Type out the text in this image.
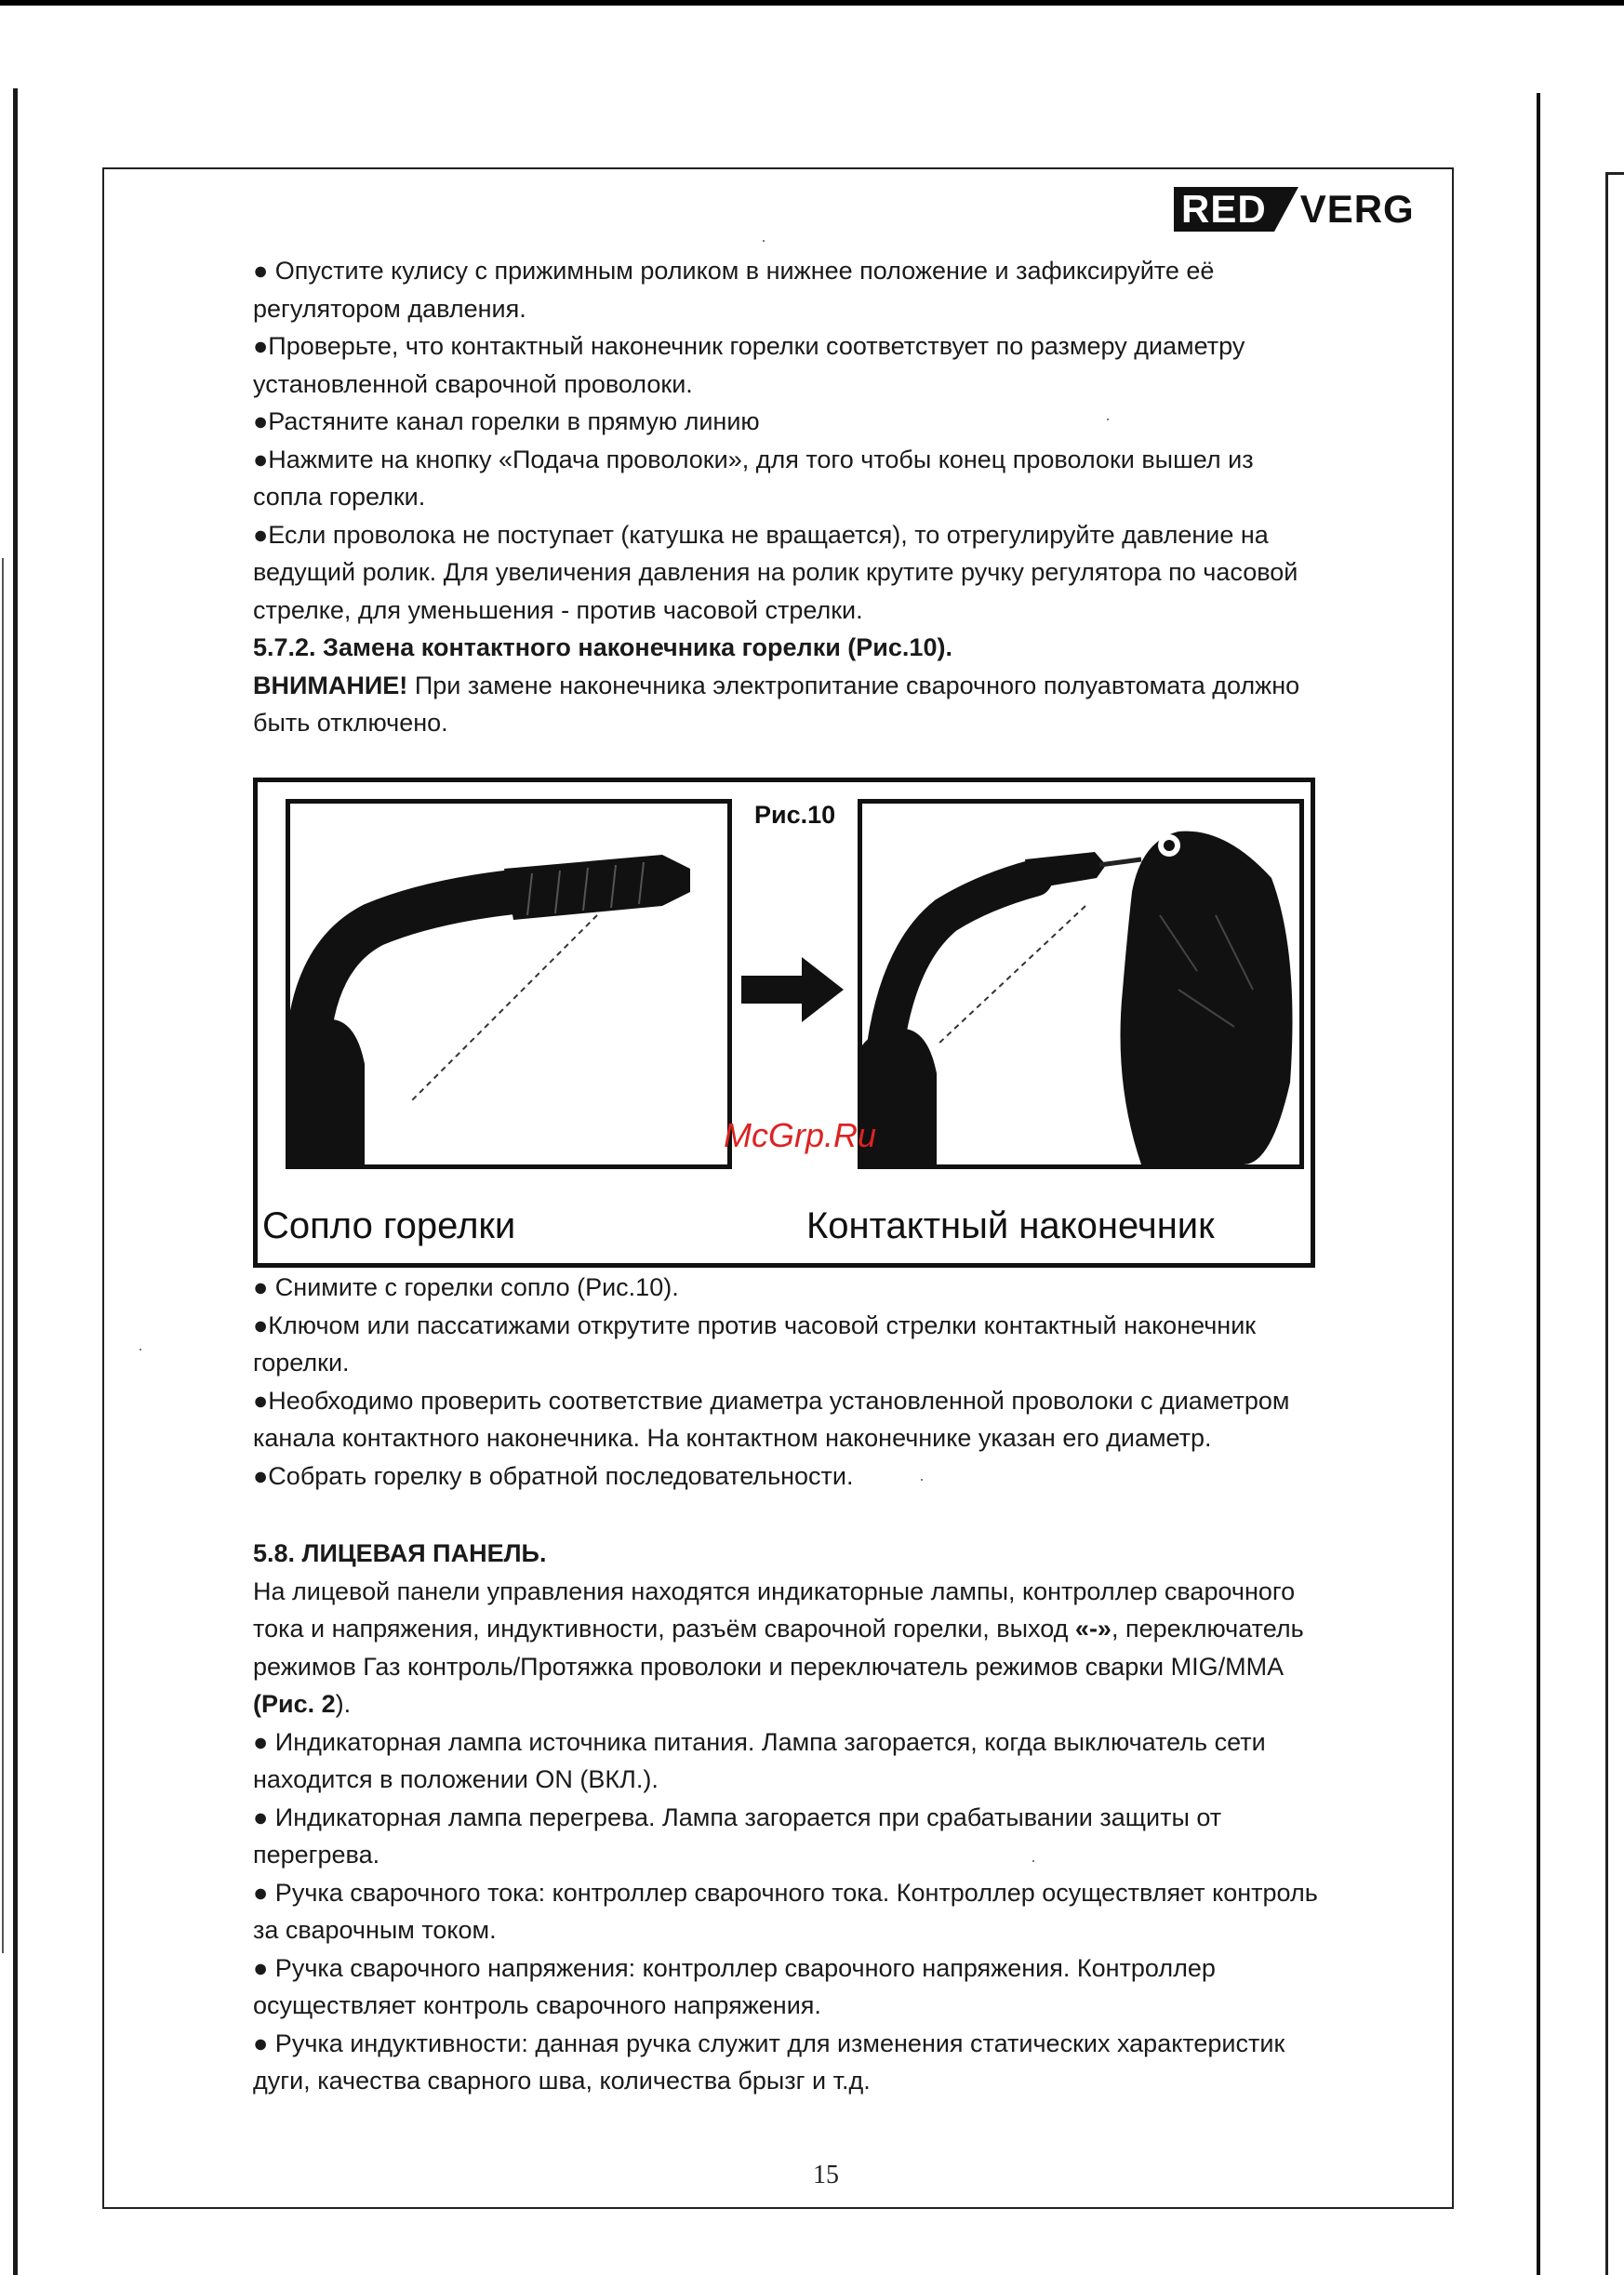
RED VERG

● Опустите кулису с прижимным роликом в нижнее положение и зафиксируйте её

регулятором давления.

●Проверьте, что контактный наконечник горелки соответствует по размеру диаметру

установленной сварочной проволоки.

●Растяните канал горелки в прямую линию

●Нажмите на кнопку «Подача проволоки», для того чтобы конец проволоки вышел из

сопла горелки.

●Если проволока не поступает (катушка не вращается), то отрегулируйте давление на

ведущий ролик. Для увеличения давления на ролик крутите ручку регулятора по часовой

стрелке, для уменьшения - против часовой стрелки.

5.7.2. Замена контактного наконечника горелки (Рис.10).

ВНИМАНИЕ! При замене наконечника электропитание сварочного полуавтомата должно

быть отключено.

Рис.10
Сопло горелки	Контактный наконечник
McGrp.Ru

● Снимите с горелки сопло (Рис.10).

●Ключом или пассатижами открутите против часовой стрелки контактный наконечник

горелки.

●Необходимо проверить соответствие диаметра установленной проволоки с диаметром

канала контактного наконечника. На контактном наконечнике указан его диаметр.

●Собрать горелку в обратной последовательности.

5.8. ЛИЦЕВАЯ ПАНЕЛЬ.

На лицевой панели управления находятся индикаторные лампы, контроллер сварочного

тока и напряжения, индуктивности, разъём сварочной горелки, выход «-», переключатель

режимов Газ контроль/Протяжка проволоки и переключатель режимов сварки MIG/MMA

(Рис. 2).

● Индикаторная лампа источника питания. Лампа загорается, когда выключатель сети

находится в положении ON (ВКЛ.).

● Индикаторная лампа перегрева. Лампа загорается при срабатывании защиты от

перегрева.

● Ручка сварочного тока: контроллер сварочного тока. Контроллер осуществляет контроль

за сварочным током.

● Ручка сварочного напряжения: контроллер сварочного напряжения. Контроллер

осуществляет контроль сварочного напряжения.

● Ручка индуктивности: данная ручка служит для изменения статических характеристик

дуги, качества сварного шва, количества брызг и т.д.

15
